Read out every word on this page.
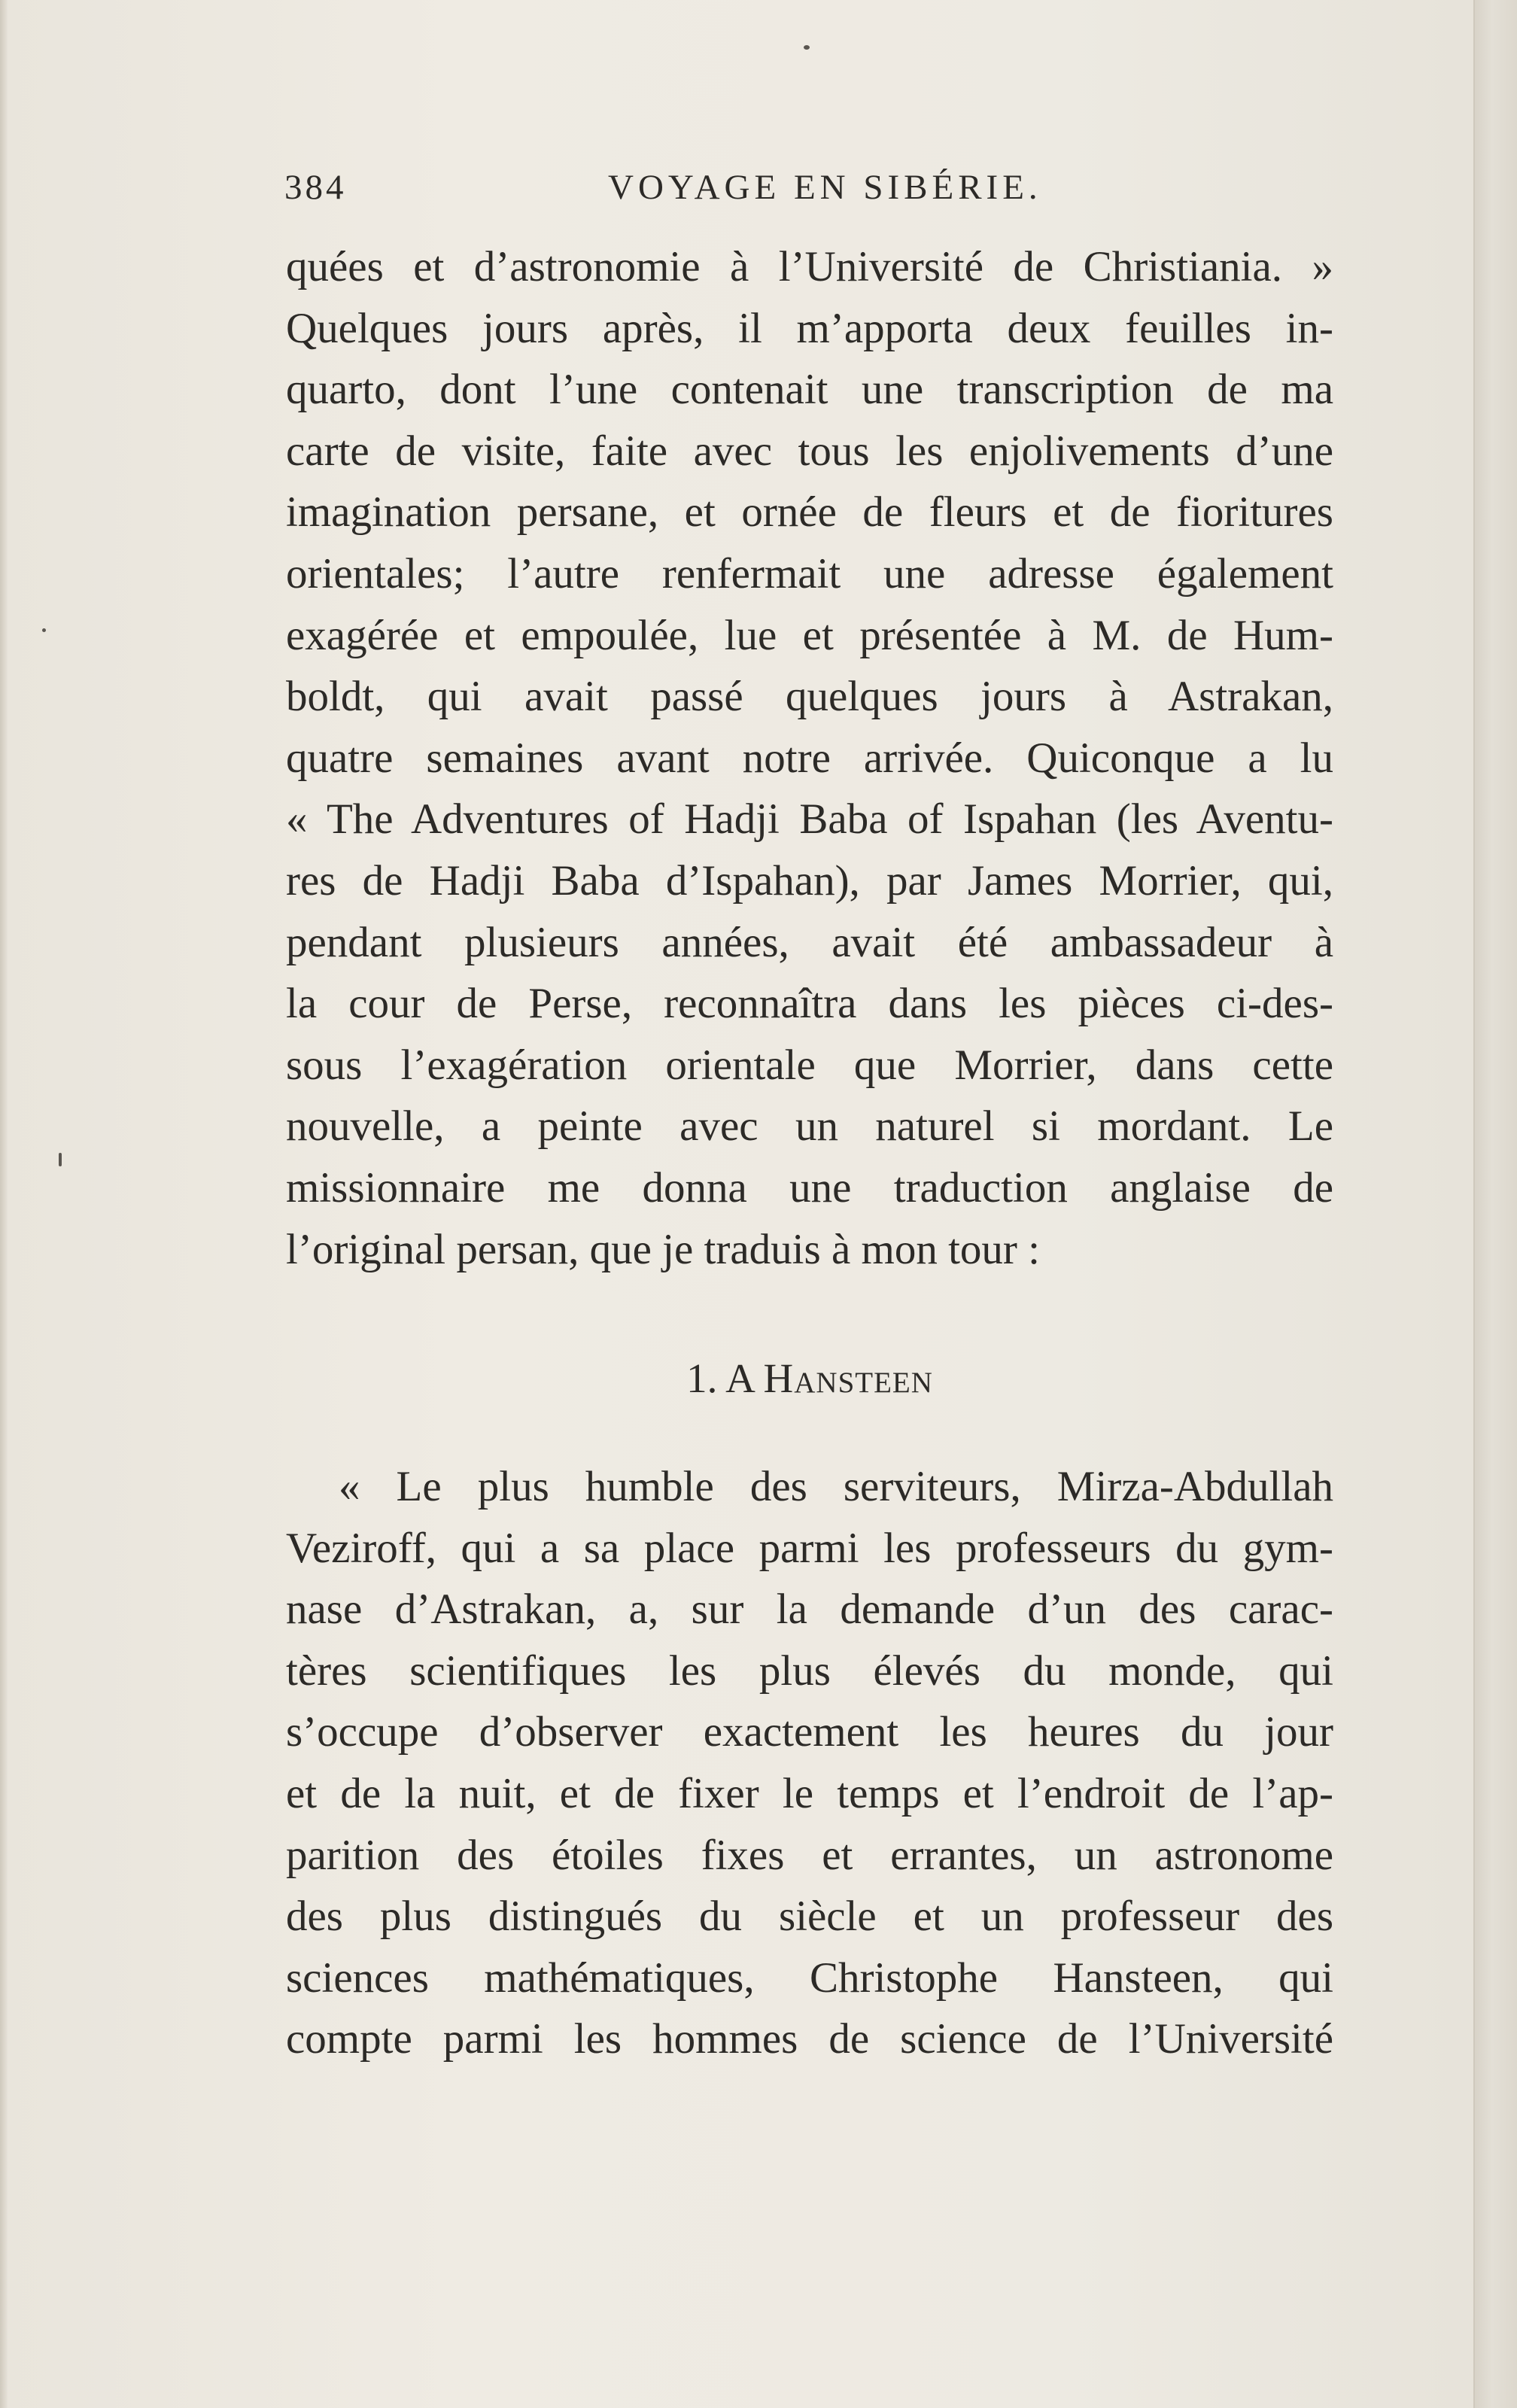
384	VOYAGE EN SIBÉRIE.
quées et d’astronomie à l’Université de Christiania. »
Quelques jours après, il m’apporta deux feuilles in-
quarto, dont l’une contenait une transcription de ma
carte de visite, faite avec tous les enjolivements d’une
imagination persane, et ornée de fleurs et de fioritures
orientales; l’autre renfermait une adresse également
exagérée et empoulée, lue et présentée à M. de Hum-
boldt, qui avait passé quelques jours à Astrakan,
quatre semaines avant notre arrivée. Quiconque a lu
« The Adventures of Hadji Baba of Ispahan (les Aventu-
res de Hadji Baba d’Ispahan), par James Morrier, qui,
pendant plusieurs années, avait été ambassadeur à
la cour de Perse, reconnaîtra dans les pièces ci-des-
sous l’exagération orientale que Morrier, dans cette
nouvelle, a peinte avec un naturel si mordant. Le
missionnaire me donna une traduction anglaise de
l’original persan, que je traduis à mon tour :
1. A Hansteen
« Le plus humble des serviteurs, Mirza-Abdullah
Veziroff, qui a sa place parmi les professeurs du gym-
nase d’Astrakan, a, sur la demande d’un des carac-
tères scientifiques les plus élevés du monde, qui
s’occupe d’observer exactement les heures du jour
et de la nuit, et de fixer le temps et l’endroit de l’ap-
parition des étoiles fixes et errantes, un astronome
des plus distingués du siècle et un professeur des
sciences mathématiques, Christophe Hansteen, qui
compte parmi les hommes de science de l’Université
